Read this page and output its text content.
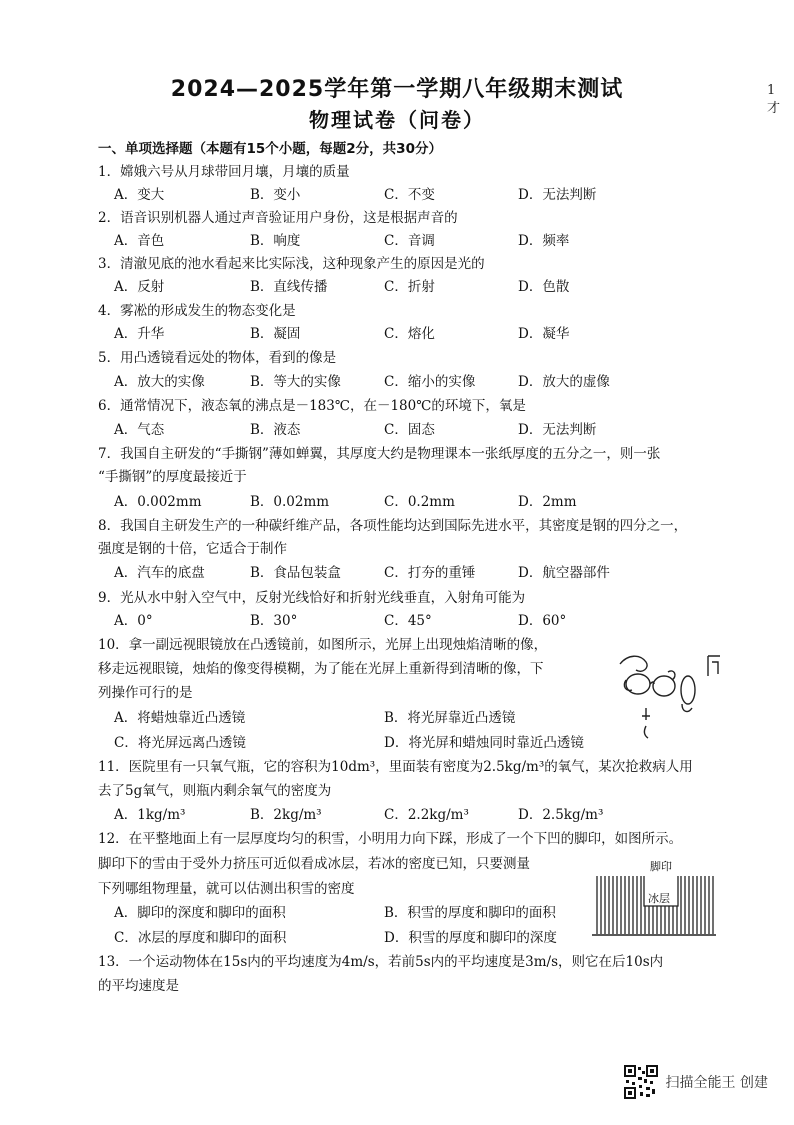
2024—2025学年第一学期八年级期末测试
物理试卷（问卷）
1
才
一、单项选择题（本题有15个小题，每题2分，共30分）
1．嫦娥六号从月球带回月壤，月壤的质量
A．变大	B．变小	C．不变	D．无法判断
2．语音识别机器人通过声音验证用户身份，这是根据声音的
A．音色	B．响度	C．音调	D．频率
3．清澈见底的池水看起来比实际浅，这种现象产生的原因是光的
A．反射	B．直线传播	C．折射	D．色散
4．雾凇的形成发生的物态变化是
A．升华	B．凝固	C．熔化	D．凝华
5．用凸透镜看远处的物体，看到的像是
A．放大的实像	B．等大的实像	C．缩小的实像	D．放大的虚像
6．通常情况下，液态氧的沸点是－183℃，在－180℃的环境下，氧是
A．气态	B．液态	C．固态	D．无法判断
7．我国自主研发的“手撕钢”薄如蝉翼，其厚度大约是物理课本一张纸厚度的五分之一，则一张
“手撕钢”的厚度最接近于
A．0.002mm	B．0.02mm	C．0.2mm	D．2mm
8．我国自主研发生产的一种碳纤维产品，各项性能均达到国际先进水平，其密度是钢的四分之一，
强度是钢的十倍，它适合于制作
A．汽车的底盘	B．食品包装盒	C．打夯的重锤	D．航空器部件
9．光从水中射入空气中，反射光线恰好和折射光线垂直，入射角可能为
A．0°	B．30°	C．45°	D．60°
10．拿一副远视眼镜放在凸透镜前，如图所示，光屏上出现烛焰清晰的像，
移走远视眼镜，烛焰的像变得模糊，为了能在光屏上重新得到清晰的像，下
列操作可行的是
A．将蜡烛靠近凸透镜	B．将光屏靠近凸透镜
C．将光屏远离凸透镜	D．将光屏和蜡烛同时靠近凸透镜
11．医院里有一只氧气瓶，它的容积为10dm³，里面装有密度为2.5kg/m³的氧气，某次抢救病人用
去了5g氧气，则瓶内剩余氧气的密度为
A．1kg/m³	B．2kg/m³	C．2.2kg/m³	D．2.5kg/m³
12．在平整地面上有一层厚度均匀的积雪，小明用力向下踩，形成了一个下凹的脚印，如图所示。
脚印下的雪由于受外力挤压可近似看成冰层，若冰的密度已知，只要测量
下列哪组物理量，就可以估测出积雪的密度
A．脚印的深度和脚印的面积	B．积雪的厚度和脚印的面积
C．冰层的厚度和脚印的面积	D．积雪的厚度和脚印的深度
脚印
冰层
13．一个运动物体在15s内的平均速度为4m/s，若前5s内的平均速度是3m/s，则它在后10s内
的平均速度是
扫描全能王 创建
